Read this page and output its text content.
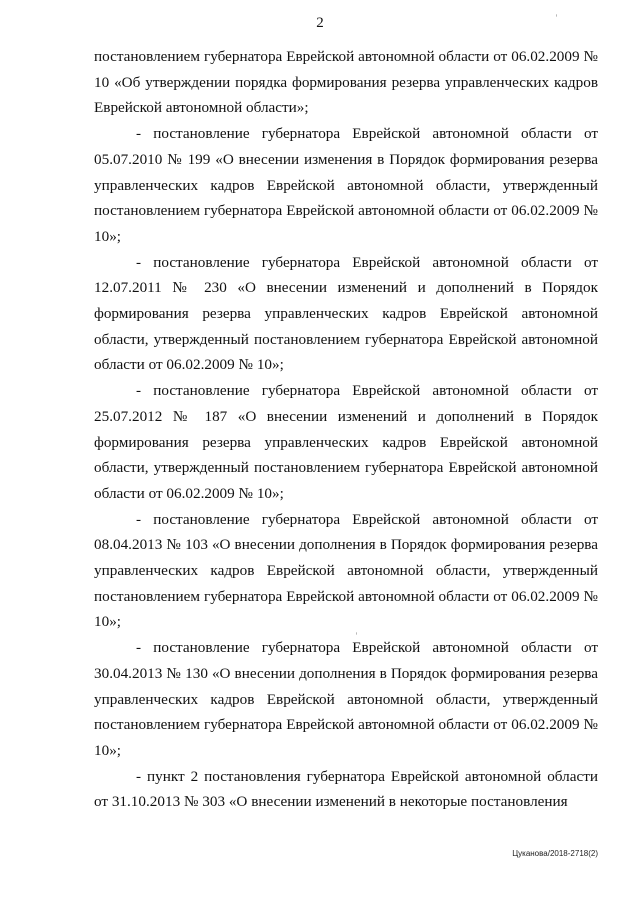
2

постановлением губернатора Еврейской автономной области от 06.02.2009 № 10 «Об утверждении порядка формирования резерва управленческих кадров Еврейской автономной области»;

- постановление губернатора Еврейской автономной области от 05.07.2010 № 199 «О внесении изменения в Порядок формирования резерва управленческих кадров Еврейской автономной области, утвержденный постановлением губернатора Еврейской автономной области от 06.02.2009 № 10»;

- постановление губернатора Еврейской автономной области от 12.07.2011 № 230 «О внесении изменений и дополнений в Порядок формирования резерва управленческих кадров Еврейской автономной области, утвержденный постановлением губернатора Еврейской автономной области от 06.02.2009 № 10»;

- постановление губернатора Еврейской автономной области от 25.07.2012 № 187 «О внесении изменений и дополнений в Порядок формирования резерва управленческих кадров Еврейской автономной области, утвержденный постановлением губернатора Еврейской автономной области от 06.02.2009 № 10»;

- постановление губернатора Еврейской автономной области от 08.04.2013 № 103 «О внесении дополнения в Порядок формирования резерва управленческих кадров Еврейской автономной области, утвержденный постановлением губернатора Еврейской автономной области от 06.02.2009 № 10»;

- постановление губернатора Еврейской автономной области от 30.04.2013 № 130 «О внесении дополнения в Порядок формирования резерва управленческих кадров Еврейской автономной области, утвержденный постановлением губернатора Еврейской автономной области от 06.02.2009 № 10»;

- пункт 2 постановления губернатора Еврейской автономной области от 31.10.2013 № 303 «О внесении изменений в некоторые постановления

Цуканова/2018-2718(2)
